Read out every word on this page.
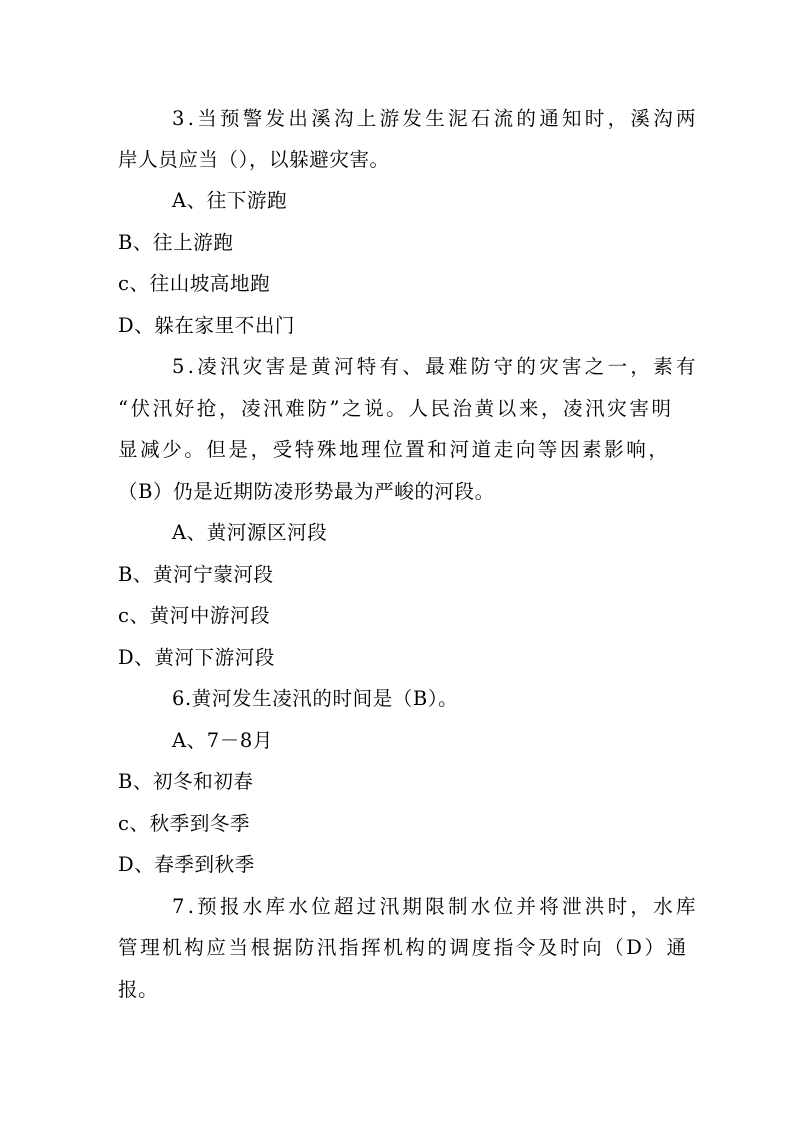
3.当预警发出溪沟上游发生泥石流的通知时，溪沟两
岸人员应当（），以躲避灾害。
A、往下游跑
B、往上游跑
c、往山坡高地跑
D、躲在家里不出门
5.凌汛灾害是黄河特有、最难防守的灾害之一，素有
“伏汛好抢，凌汛难防”之说。人民治黄以来，凌汛灾害明
显减少。但是，受特殊地理位置和河道走向等因素影响，
（B）仍是近期防凌形势最为严峻的河段。
A、黄河源区河段
B、黄河宁蒙河段
c、黄河中游河段
D、黄河下游河段
6.黄河发生凌汛的时间是（B）。
A、7－8月
B、初冬和初春
c、秋季到冬季
D、春季到秋季
7.预报水库水位超过汛期限制水位并将泄洪时，水库
管理机构应当根据防汛指挥机构的调度指令及时向（D）通
报。
